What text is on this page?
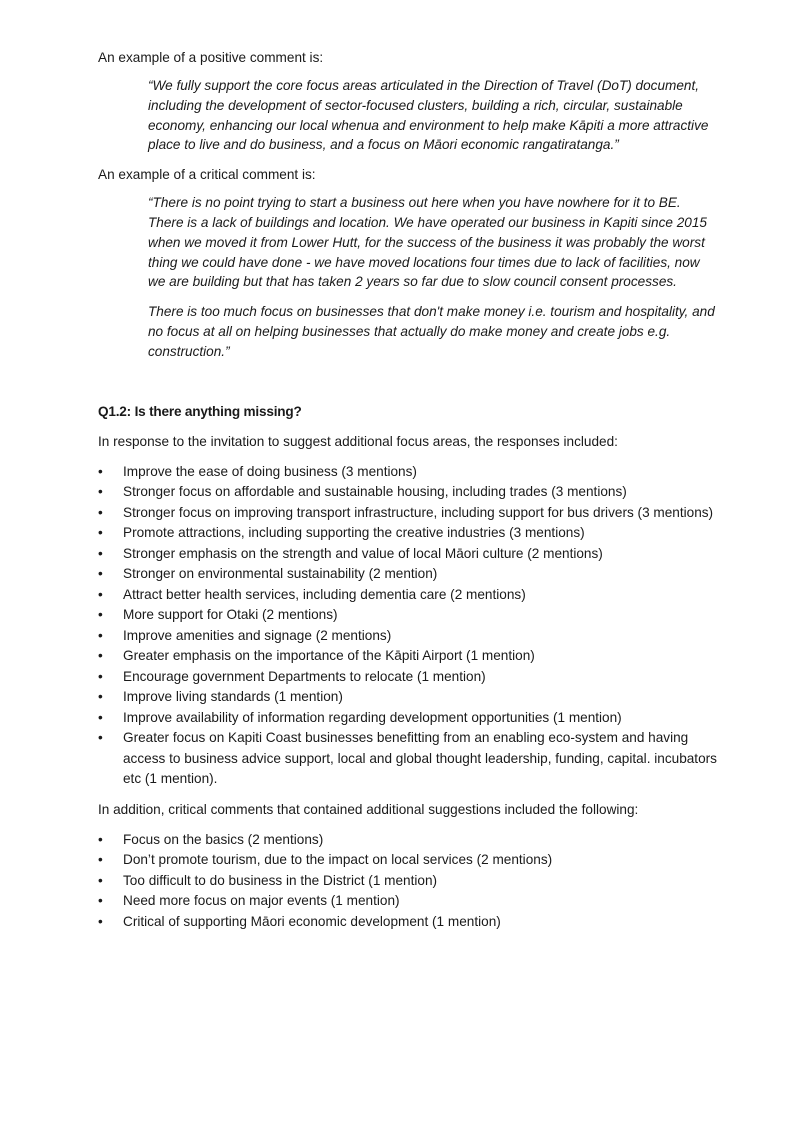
An example of a positive comment is:

“We fully support the core focus areas articulated in the Direction of Travel (DoT) document, including the development of sector-focused clusters, building a rich, circular, sustainable economy, enhancing our local whenua and environment to help make Kāpiti a more attractive place to live and do business, and a focus on Māori economic rangatiratanga.”

An example of a critical comment is:

“There is no point trying to start a business out here when you have nowhere for it to BE. There is a lack of buildings and location. We have operated our business in Kapiti since 2015 when we moved it from Lower Hutt, for the success of the business it was probably the worst thing we could have done - we have moved locations four times due to lack of facilities, now we are building but that has taken 2 years so far due to slow council consent processes.

There is too much focus on businesses that don't make money i.e. tourism and hospitality, and no focus at all on helping businesses that actually do make money and create jobs e.g. construction.”

Q1.2: Is there anything missing?

In response to the invitation to suggest additional focus areas, the responses included:

• Improve the ease of doing business (3 mentions)
• Stronger focus on affordable and sustainable housing, including trades (3 mentions)
• Stronger focus on improving transport infrastructure, including support for bus drivers (3 mentions)
• Promote attractions, including supporting the creative industries (3 mentions)
• Stronger emphasis on the strength and value of local Māori culture (2 mentions)
• Stronger on environmental sustainability (2 mention)
• Attract better health services, including dementia care (2 mentions)
• More support for Otaki (2 mentions)
• Improve amenities and signage (2 mentions)
• Greater emphasis on the importance of the Kāpiti Airport (1 mention)
• Encourage government Departments to relocate (1 mention)
• Improve living standards (1 mention)
• Improve availability of information regarding development opportunities (1 mention)
• Greater focus on Kapiti Coast businesses benefitting from an enabling eco-system and having access to business advice support, local and global thought leadership, funding, capital. incubators etc (1 mention).

In addition, critical comments that contained additional suggestions included the following:

• Focus on the basics (2 mentions)
• Don’t promote tourism, due to the impact on local services (2 mentions)
• Too difficult to do business in the District (1 mention)
• Need more focus on major events (1 mention)
• Critical of supporting Māori economic development (1 mention)
